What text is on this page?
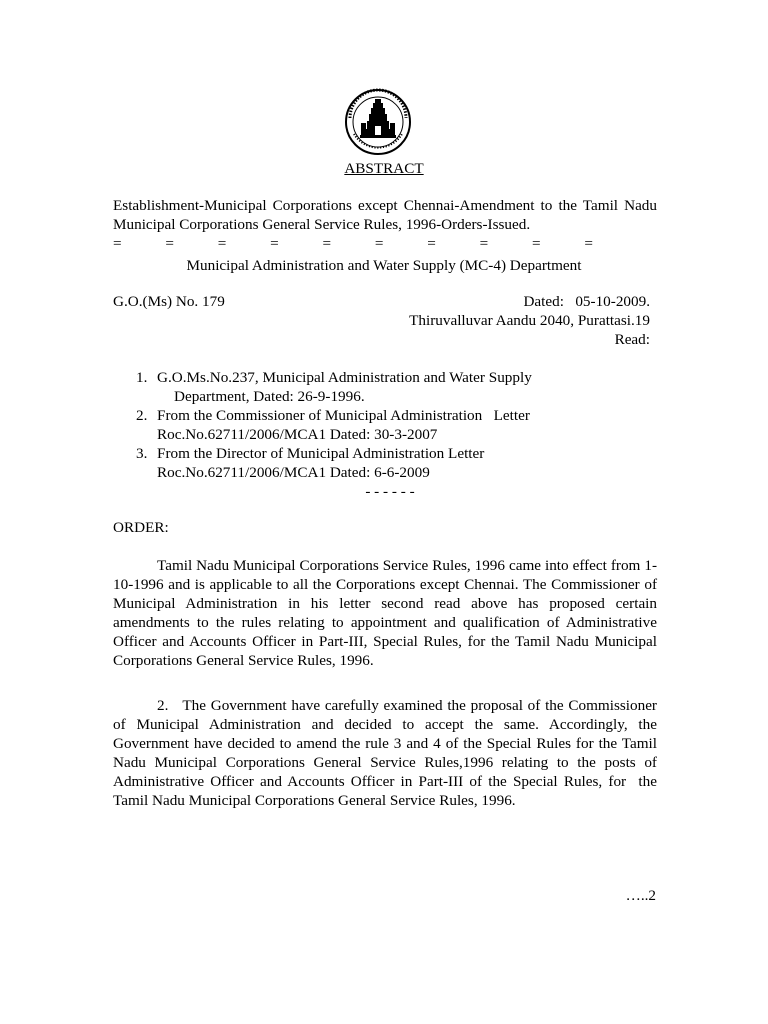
ABSTRACT
Establishment-Municipal Corporations except Chennai-Amendment to the Tamil Nadu Municipal Corporations General Service Rules, 1996-Orders-Issued.
=	=	=	=	=	=	=	=	=	=
Municipal Administration and Water Supply (MC-4) Department
G.O.(Ms) No. 179	Dated:   05-10-2009.
Thiruvalluvar Aandu 2040, Purattasi.19
Read:
1. G.O.Ms.No.237, Municipal Administration and Water Supply
Department, Dated: 26-9-1996.
2. From the Commissioner of Municipal Administration   Letter
Roc.No.62711/2006/MCA1 Dated: 30-3-2007
3. From the Director of Municipal Administration Letter
Roc.No.62711/2006/MCA1 Dated: 6-6-2009
- - - - - -
ORDER:
Tamil Nadu Municipal Corporations Service Rules, 1996 came into effect from 1-10-1996 and is applicable to all the Corporations except Chennai. The Commissioner of Municipal Administration in his letter second read above has proposed certain amendments to the rules relating to appointment and qualification of Administrative Officer and Accounts Officer in Part-III, Special Rules, for the Tamil Nadu Municipal Corporations General Service Rules, 1996.
2.   The Government have carefully examined the proposal of the Commissioner of Municipal Administration and decided to accept the same. Accordingly, the Government have decided to amend the rule 3 and 4 of the Special Rules for the Tamil Nadu Municipal Corporations General Service Rules,1996 relating to the posts of Administrative Officer and Accounts Officer in Part-III of the Special Rules, for  the Tamil Nadu Municipal Corporations General Service Rules, 1996.
…..2
